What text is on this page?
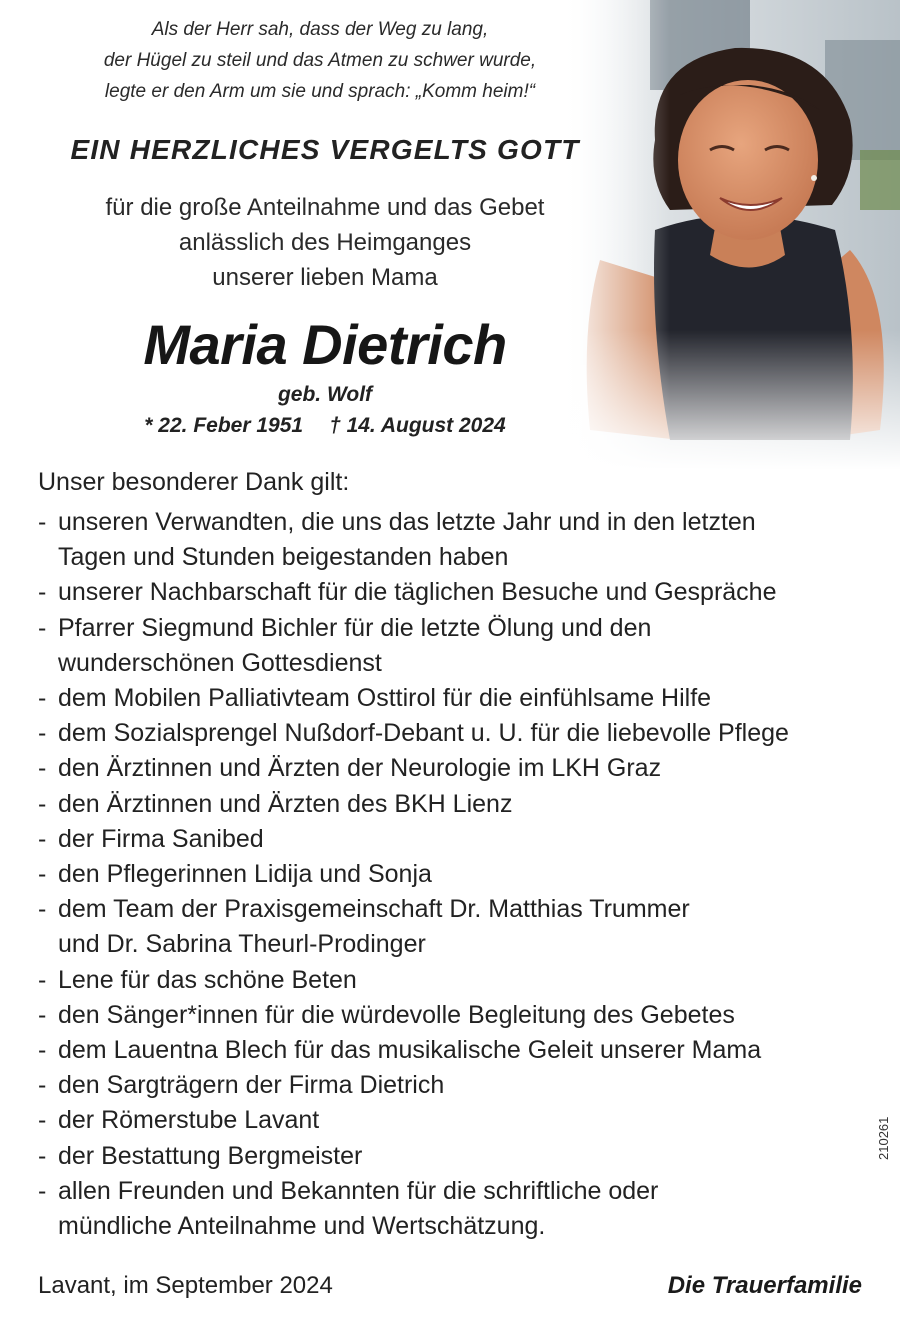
Als der Herr sah, dass der Weg zu lang,
der Hügel zu steil und das Atmen zu schwer wurde,
legte er den Arm um sie und sprach: „Komm heim!“
EIN HERZLICHES VERGELTS GOTT
für die große Anteilnahme und das Gebet
anlässlich des Heimganges
unserer lieben Mama
Maria Dietrich
geb. Wolf
* 22. Feber 1951 † 14. August 2024
Unser besonderer Dank gilt:
- unseren Verwandten, die uns das letzte Jahr und in den letzten
Tagen und Stunden beigestanden haben
- unserer Nachbarschaft für die täglichen Besuche und Gespräche
- Pfarrer Siegmund Bichler für die letzte Ölung und den
wunderschönen Gottesdienst
- dem Mobilen Palliativteam Osttirol für die einfühlsame Hilfe
- dem Sozialsprengel Nußdorf-Debant u. U. für die liebevolle Pflege
- den Ärztinnen und Ärzten der Neurologie im LKH Graz
- den Ärztinnen und Ärzten des BKH Lienz
- der Firma Sanibed
- den Pflegerinnen Lidija und Sonja
- dem Team der Praxisgemeinschaft Dr. Matthias Trummer
und Dr. Sabrina Theurl-Prodinger
- Lene für das schöne Beten
- den Sänger*innen für die würdevolle Begleitung des Gebetes
- dem Lauentna Blech für das musikalische Geleit unserer Mama
- den Sargträgern der Firma Dietrich
- der Römerstube Lavant
- der Bestattung Bergmeister
- allen Freunden und Bekannten für die schriftliche oder
mündliche Anteilnahme und Wertschätzung.
Lavant, im September 2024	Die Trauerfamilie
210261
